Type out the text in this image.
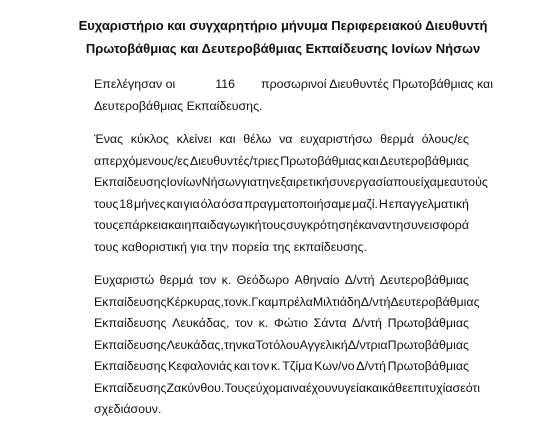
Ευχαριστήριο και συγχαρητήριο μήνυμα Περιφερειακού Διευθυντή
Πρωτοβάθμιας και Δευτεροβάθμιας Εκπαίδευσης Ιονίων Νήσων
Επελέγησαν οι	116 προσωρινοί Διευθυντές Πρωτοβάθμιας και
Δευτεροβάθμιας Εκπαίδευσης.
Ένας κύκλος κλείνει και θέλω να ευχαριστήσω θερμά όλους/ες
απερχόμενους/ες Διευθυντές/τριες Πρωτοβάθμιας και Δευτεροβάθμιας
Εκπαίδευσης Ιονίων Νήσων για την εξαιρετική συνεργασία που είχαμε αυτούς
τους 18 μήνες και για όλα όσα πραγματοποιήσαμε μαζί. Η επαγγελματική
τους επάρκεια και η παιδαγωγική τους συγκρότηση έκαναν τη συνεισφορά
τους καθοριστική για την πορεία της εκπαίδευσης.
Ευχαριστώ θερμά τον κ. Θεόδωρο Αθηναίο Δ/ντή Δευτεροβάθμιας
Εκπαίδευσης Κέρκυρας, τον κ. Γκαμπρέλα Μιλτιάδη Δ/ντή Δευτεροβάθμιας
Εκπαίδευσης Λευκάδας, τον κ. Φώτιο Σάντα Δ/ντή Πρωτοβάθμιας
Εκπαίδευσης Λευκάδας, την κα Τοτόλου Αγγελική Δ/ντρια Πρωτοβάθμιας
Εκπαίδευσης Κεφαλονιάς και τον κ. Τζίμα Κων/νο Δ/ντή Πρωτοβάθμιας
Εκπαίδευσης Ζακύνθου. Τους εύχομαι να έχουν υγεία και κάθε επιτυχία σε ότι
σχεδιάσουν.
